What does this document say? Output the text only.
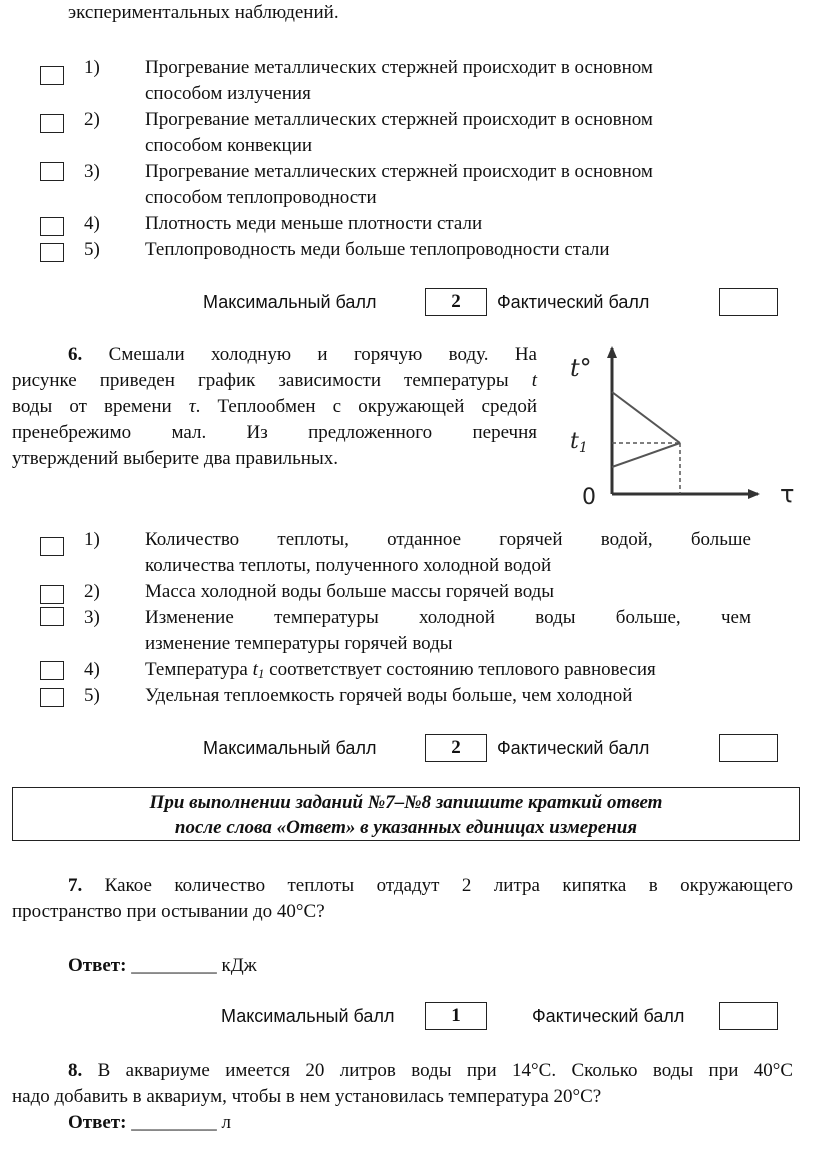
экспериментальных наблюдений.
1)	Прогревание металлических стержней происходит в основном
способом излучения
2)	Прогревание металлических стержней происходит в основном
способом конвекции
3)	Прогревание металлических стержней происходит в основном
способом теплопроводности
4)	Плотность меди меньше плотности стали
5)	Теплопроводность меди больше теплопроводности стали
Максимальный балл	2	Фактический балл
6. Смешали холодную и горячую воду. На
рисунке приведен график зависимости температуры t
воды от времени τ. Теплообмен с окружающей средой
пренебрежимо мал. Из предложенного перечня
утверждений выберите два правильных.
t°
t1
0	τ
1)	Количество теплоты, отданное горячей водой, больше
количества теплоты, полученного холодной водой
2)	Масса холодной воды больше массы горячей воды
3)	Изменение температуры холодной воды больше, чем
изменение температуры горячей воды
4)	Температура $t_1$ соответствует состоянию теплового равновесия
5)	Удельная теплоемкость горячей воды больше, чем холодной
Максимальный балл	2	Фактический балл
При выполнении заданий №7–№8 запишите краткий ответ
после слова «Ответ» в указанных единицах измерения
7. Какое количество теплоты отдадут 2 литра кипятка в окружающего
пространство при остывании до 40°С?
Ответ: _________ кДж
Максимальный балл	1	Фактический балл
8. В аквариуме имеется 20 литров воды при 14°С. Сколько воды при 40°С
надо добавить в аквариум, чтобы в нем установилась температура 20°С?
Ответ: _________ л
